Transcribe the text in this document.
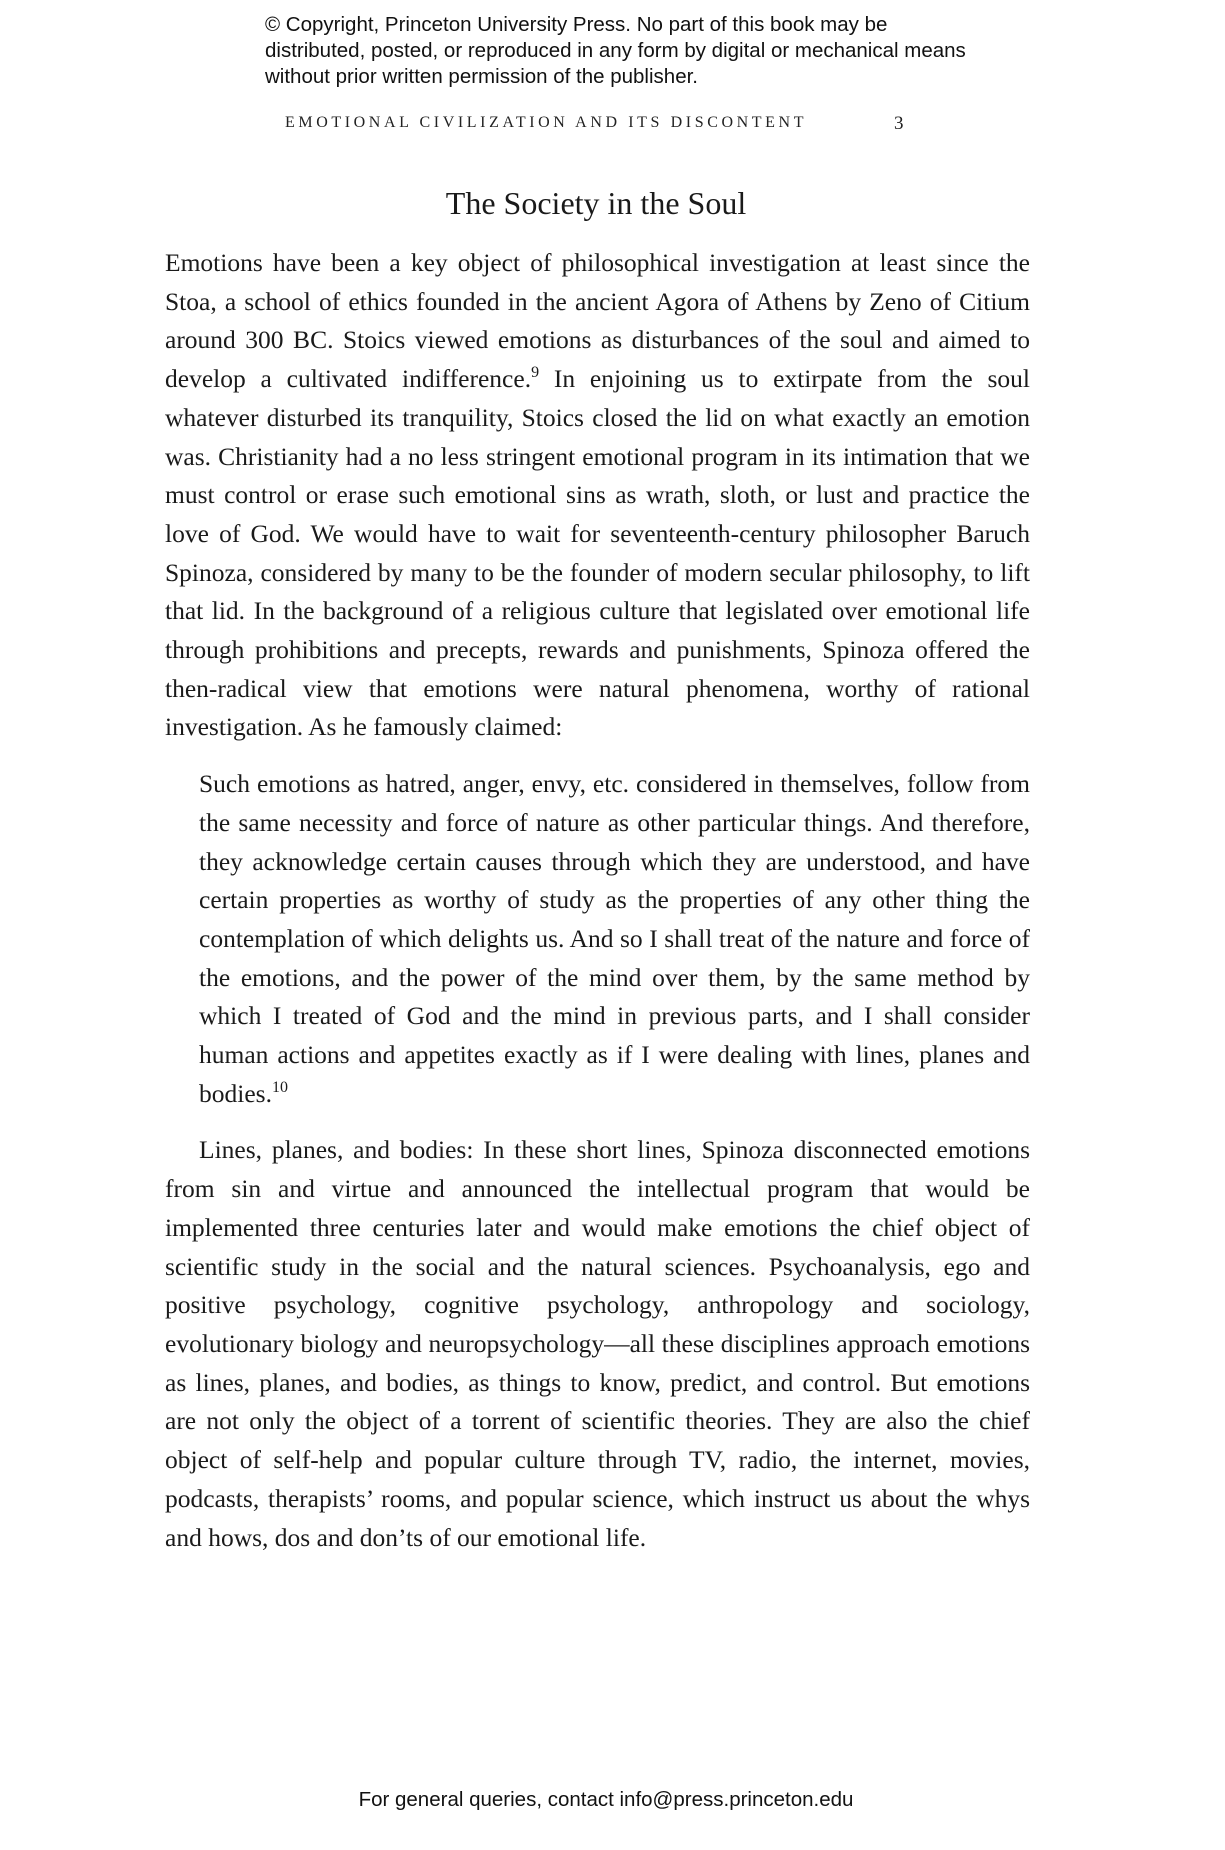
© Copyright, Princeton University Press. No part of this book may be distributed, posted, or reproduced in any form by digital or mechanical means without prior written permission of the publisher.
EMOTIONAL CIVILIZATION AND ITS DISCONTENT	3
The Society in the Soul

Emotions have been a key object of philosophical investigation at least since the Stoa, a school of ethics founded in the ancient Agora of Athens by Zeno of Citium around 300 BC. Stoics viewed emotions as disturbances of the soul and aimed to develop a cultivated indifference.$^9$ In enjoining us to extirpate from the soul whatever disturbed its tranquility, Stoics closed the lid on what exactly an emotion was. Christianity had a no less stringent emotional program in its intimation that we must control or erase such emotional sins as wrath, sloth, or lust and practice the love of God. We would have to wait for seventeenth-century philosopher Baruch Spinoza, considered by many to be the founder of modern secular philosophy, to lift that lid. In the background of a religious culture that legislated over emotional life through prohibitions and precepts, rewards and punishments, Spinoza offered the then-radical view that emotions were natural phenomena, worthy of rational investigation. As he famously claimed:

Such emotions as hatred, anger, envy, etc. considered in themselves, follow from the same necessity and force of nature as other particular things. And therefore, they acknowledge certain causes through which they are understood, and have certain properties as worthy of study as the properties of any other thing the contemplation of which delights us. And so I shall treat of the nature and force of the emotions, and the power of the mind over them, by the same method by which I treated of God and the mind in previous parts, and I shall consider human actions and appetites exactly as if I were dealing with lines, planes and bodies.$^{10}$

Lines, planes, and bodies: In these short lines, Spinoza disconnected emotions from sin and virtue and announced the intellectual program that would be implemented three centuries later and would make emotions the chief object of scientific study in the social and the natural sciences. Psychoanalysis, ego and positive psychology, cognitive psychology, anthropology and sociology, evolutionary biology and neuropsychology—all these disciplines approach emotions as lines, planes, and bodies, as things to know, predict, and control. But emotions are not only the object of a torrent of scientific theories. They are also the chief object of self-help and popular culture through TV, radio, the internet, movies, podcasts, therapists’ rooms, and popular science, which instruct us about the whys and hows, dos and don’ts of our emotional life.

For general queries, contact info@press.princeton.edu
